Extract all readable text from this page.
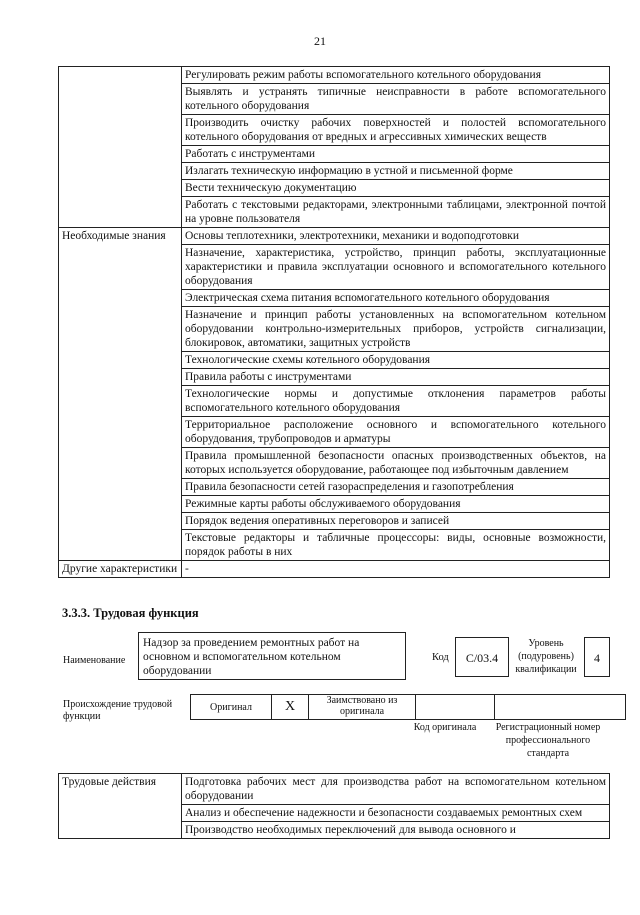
21
	Регулировать режим работы вспомогательного котельного оборудования
	Выявлять и устранять типичные неисправности в работе вспомогательного котельного оборудования
	Производить очистку рабочих поверхностей и полостей вспомогательного котельного оборудования от вредных и агрессивных химических веществ
	Работать с инструментами
	Излагать техническую информацию в устной и письменной форме
	Вести техническую документацию
	Работать с текстовыми редакторами, электронными таблицами, электронной почтой на уровне пользователя
Необходимые знания	Основы теплотехники, электротехники, механики и водоподготовки
	Назначение, характеристика, устройство, принцип работы, эксплуатационные характеристики и правила эксплуатации основного и вспомогательного котельного оборудования
	Электрическая схема питания вспомогательного котельного оборудования
	Назначение и принцип работы установленных на вспомогательном котельном оборудовании контрольно-измерительных приборов, устройств сигнализации, блокировок, автоматики, защитных устройств
	Технологические схемы котельного оборудования
	Правила работы с инструментами
	Технологические нормы и допустимые отклонения параметров работы вспомогательного котельного оборудования
	Территориальное расположение основного и вспомогательного котельного оборудования, трубопроводов и арматуры
	Правила промышленной безопасности опасных производственных объектов, на которых используется оборудование, работающее под избыточным давлением
	Правила безопасности сетей газораспределения и газопотребления
	Режимные карты работы обслуживаемого оборудования
	Порядок ведения оперативных переговоров и записей
	Текстовые редакторы и табличные процессоры: виды, основные возможности, порядок работы в них
Другие характеристики	-
3.3.3. Трудовая функция
Наименование
Надзор за проведением ремонтных работ на основном и вспомогательном котельном оборудовании
Код	С/03.4
Уровень (подуровень) квалификации
4
Происхождение трудовой функции
Оригинал	X	Заимствовано из оригинала		
Код оригинала	Регистрационный номер профессионального стандарта
Трудовые действия	Подготовка рабочих мест для производства работ на вспомогательном котельном оборудовании
Анализ и обеспечение надежности и безопасности создаваемых ремонтных схем
Производство необходимых переключений для вывода основного и
